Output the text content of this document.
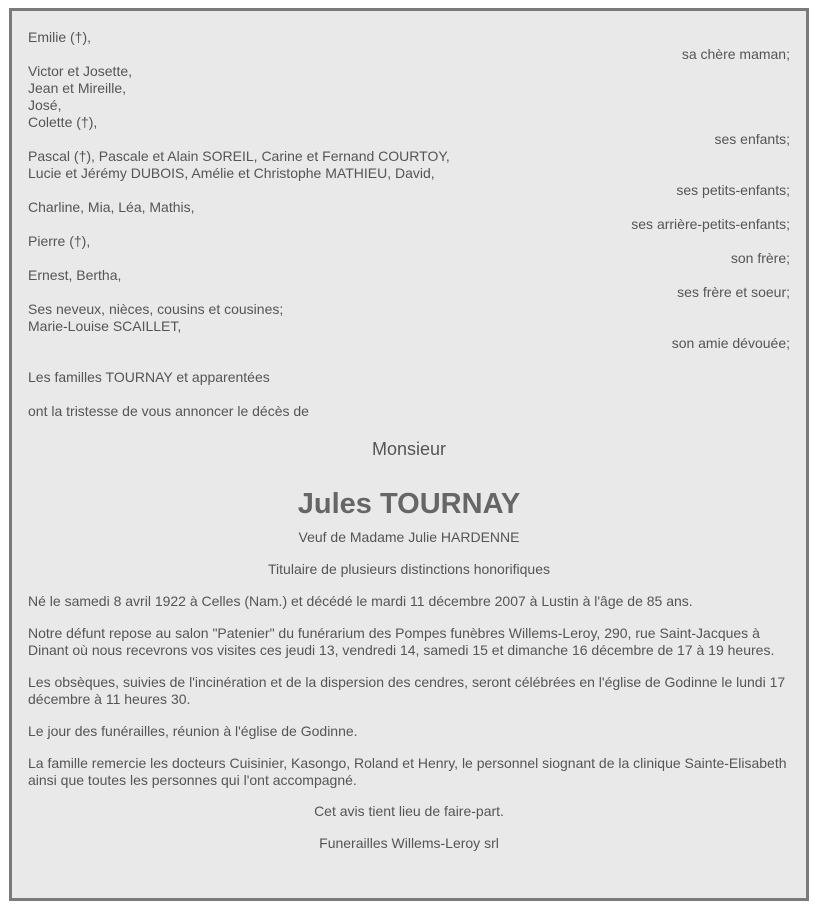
Emilie (†),
sa chère maman;
Victor et Josette,
Jean et Mireille,
José,
Colette (†),
ses enfants;
Pascal (†), Pascale et Alain SOREIL, Carine et Fernand COURTOY,
Lucie et Jérémy DUBOIS, Amélie et Christophe MATHIEU, David,
ses petits-enfants;
Charline, Mia, Léa, Mathis,
ses arrière-petits-enfants;
Pierre (†),
son frère;
Ernest, Bertha,
ses frère et soeur;
Ses neveux, nièces, cousins et cousines;
Marie-Louise SCAILLET,
son amie dévouée;
Les familles TOURNAY et apparentées
ont la tristesse de vous annoncer le décès de
Monsieur
Jules TOURNAY
Veuf de Madame Julie HARDENNE
Titulaire de plusieurs distinctions honorifiques
Né le samedi 8 avril 1922 à Celles (Nam.) et décédé le mardi 11 décembre 2007 à Lustin à l'âge de 85 ans.
Notre défunt repose au salon "Patenier" du funérarium des Pompes funèbres Willems-Leroy, 290, rue Saint-Jacques à Dinant où nous recevrons vos visites ces jeudi 13, vendredi 14, samedi 15 et dimanche 16 décembre de 17 à 19 heures.
Les obsèques, suivies de l'incinération et de la dispersion des cendres, seront célébrées en l'église de Godinne le lundi 17 décembre à 11 heures 30.
Le jour des funérailles, réunion à l'église de Godinne.
La famille remercie les docteurs Cuisinier, Kasongo, Roland et Henry, le personnel siognant de la clinique Sainte-Elisabeth ainsi que toutes les personnes qui l'ont accompagné.
Cet avis tient lieu de faire-part.
Funerailles Willems-Leroy srl
